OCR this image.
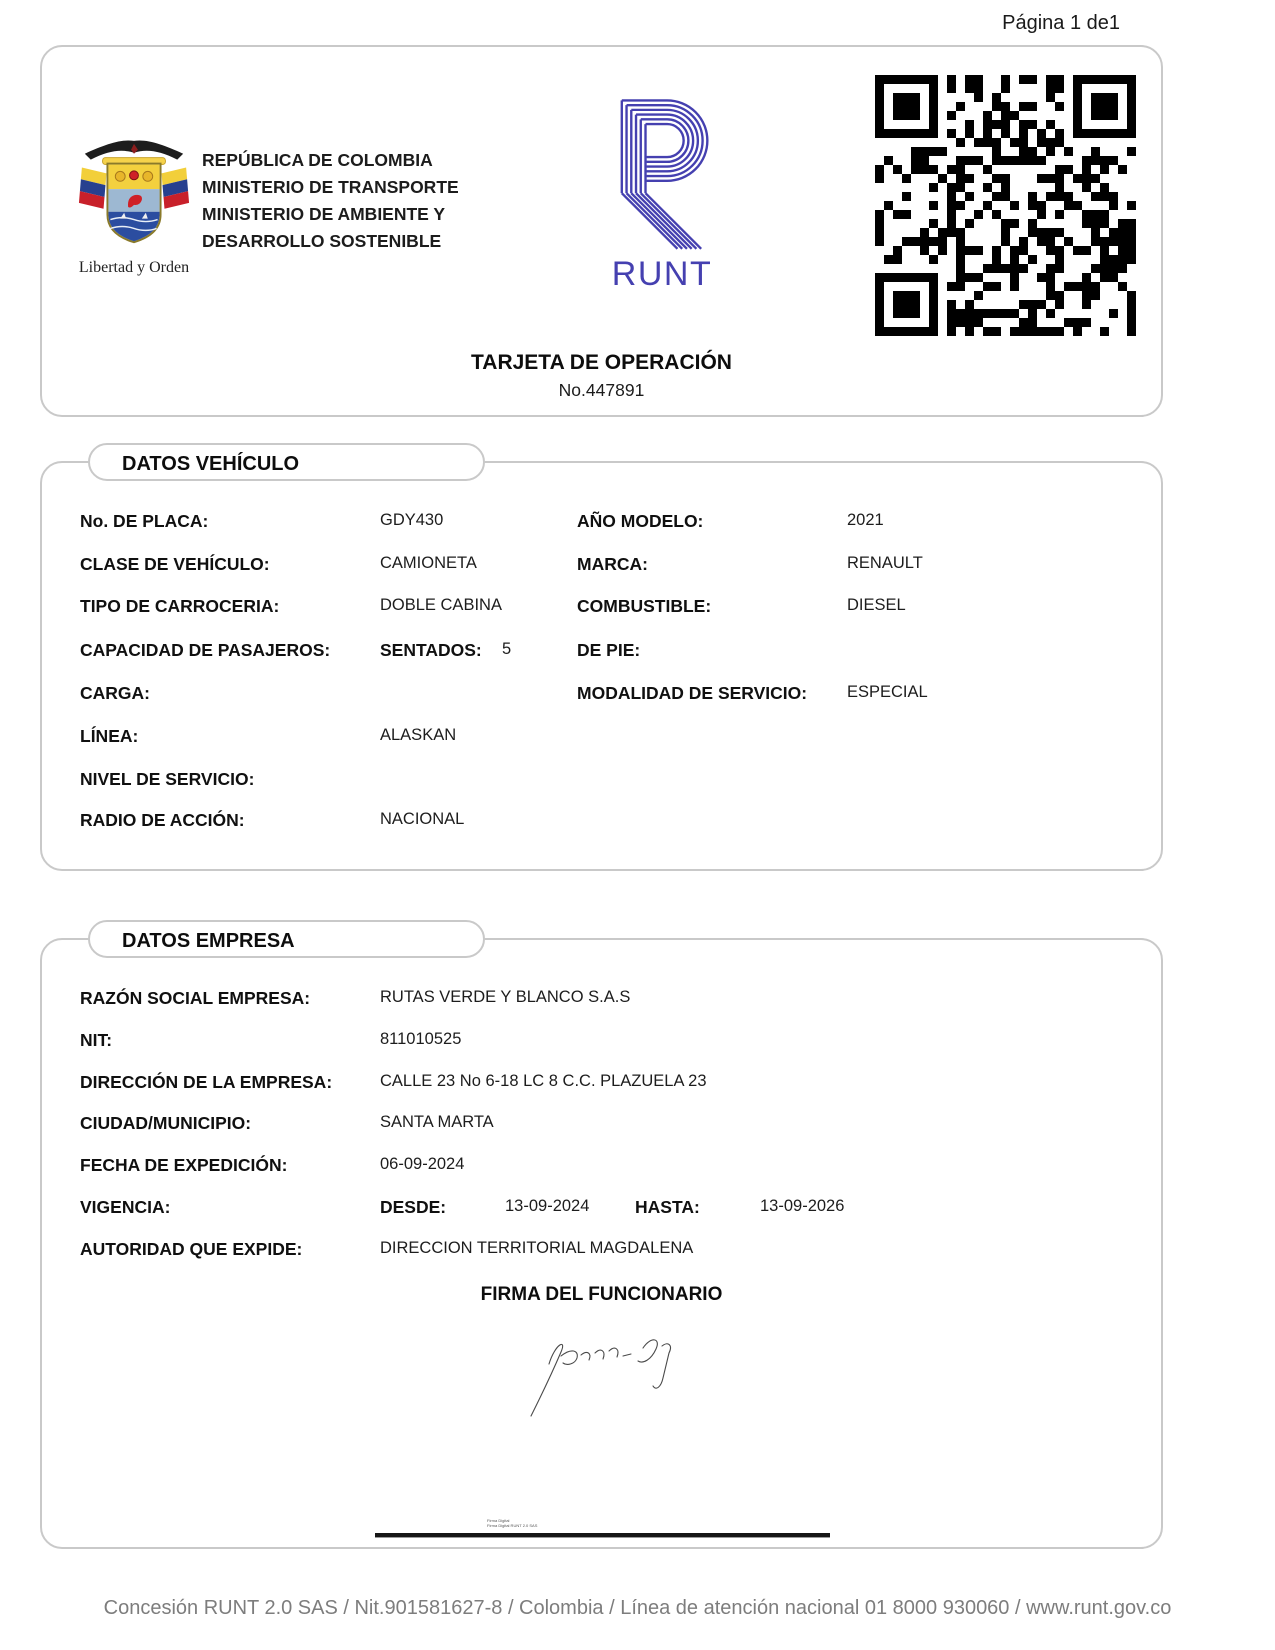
Página 1 de1
Libertad y Orden
REPÚBLICA DE COLOMBIA
MINISTERIO DE TRANSPORTE
MINISTERIO DE AMBIENTE Y
DESARROLLO SOSTENIBLE
RUNT
TARJETA DE OPERACIÓN
No.447891
DATOS VEHÍCULO
No. DE PLACA:	GDY430	AÑO MODELO:	2021
CLASE DE VEHÍCULO:	CAMIONETA	MARCA:	RENAULT
TIPO DE CARROCERIA:	DOBLE CABINA	COMBUSTIBLE:	DIESEL
CAPACIDAD DE PASAJEROS:	SENTADOS: 5	DE PIE:
CARGA:	MODALIDAD DE SERVICIO: ESPECIAL
LÍNEA:	ALASKAN
NIVEL DE SERVICIO:
RADIO DE ACCIÓN:	NACIONAL
DATOS EMPRESA
RAZÓN SOCIAL EMPRESA:	RUTAS VERDE Y BLANCO S.A.S
NIT:	811010525
DIRECCIÓN DE LA EMPRESA:	CALLE 23 No 6-18 LC 8 C.C. PLAZUELA 23
CIUDAD/MUNICIPIO:	SANTA MARTA
FECHA DE EXPEDICIÓN:	06-09-2024
VIGENCIA:	DESDE:	13-09-2024	HASTA:	13-09-2026
AUTORIDAD QUE EXPIDE:	DIRECCION TERRITORIAL MAGDALENA
FIRMA DEL FUNCIONARIO
Firma Digital
Firma Digital RUNT 2.0 SAS
Concesión RUNT 2.0 SAS / Nit.901581627-8 / Colombia / Línea de atención nacional 01 8000 930060 / www.runt.gov.co
